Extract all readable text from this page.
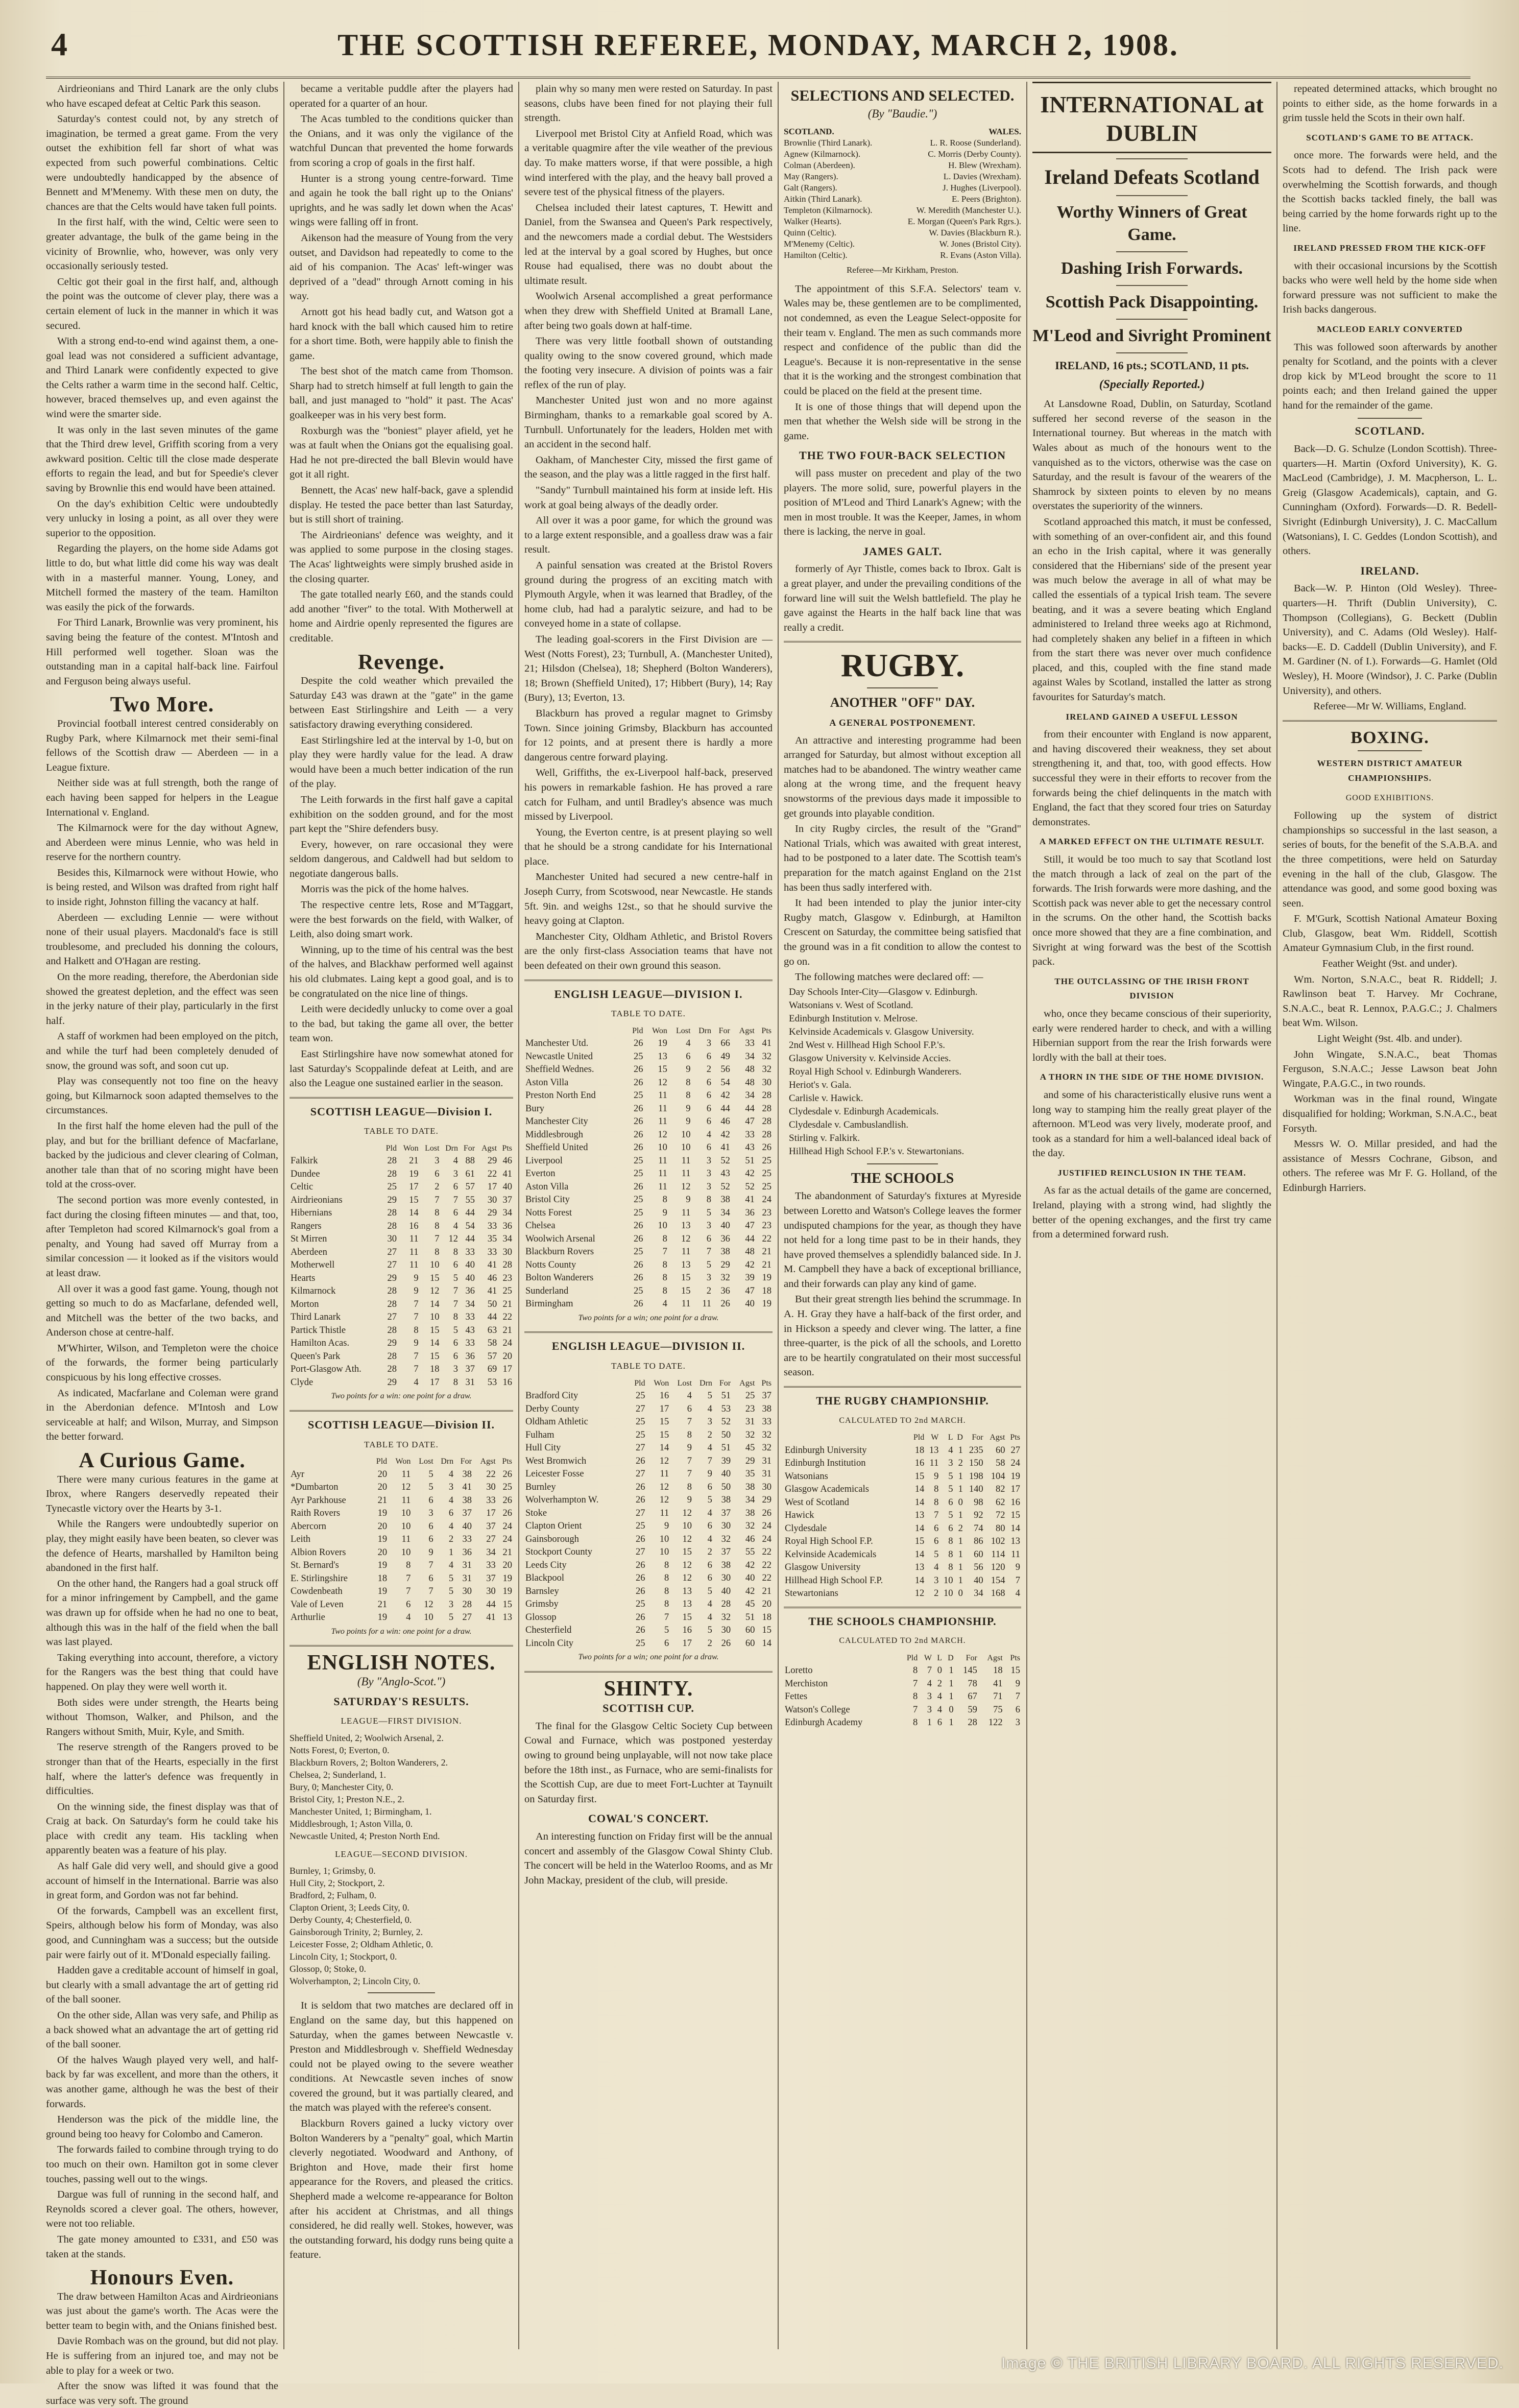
4	THE SCOTTISH REFEREE, MONDAY, MARCH 2, 1908.

Airdrieonians and Third Lanark are the only clubs who have escaped defeat at Celtic Park this season.

Saturday's contest could not, by any stretch of imagination, be termed a great game. From the very outset the exhibition fell far short of what was expected from such powerful combinations. Celtic were undoubtedly handicapped by the absence of Bennett and M'Menemy. With these men on duty, the chances are that the Celts would have taken full points.

In the first half, with the wind, Celtic were seen to greater advantage, the bulk of the game being in the vicinity of Brownlie, who, however, was only very occasionally seriously tested.

Celtic got their goal in the first half, and, although the point was the outcome of clever play, there was a certain element of luck in the manner in which it was secured.

With a strong end-to-end wind against them, a one-goal lead was not considered a sufficient advantage, and Third Lanark were confidently expected to give the Celts rather a warm time in the second half. Celtic, however, braced themselves up, and even against the wind were the smarter side.

It was only in the last seven minutes of the game that the Third drew level, Griffith scoring from a very awkward position. Celtic till the close made desperate efforts to regain the lead, and but for Speedie's clever saving by Brownlie this end would have been attained.

On the day's exhibition Celtic were undoubtedly very unlucky in losing a point, as all over they were superior to the opposition.

Regarding the players, on the home side Adams got little to do, but what little did come his way was dealt with in a masterful manner. Young, Loney, and Mitchell formed the mastery of the team. Hamilton was easily the pick of the forwards.

For Third Lanark, Brownlie was very prominent, his saving being the feature of the contest. M'Intosh and Hill performed well together. Sloan was the outstanding man in a capital half-back line. Fairfoul and Ferguson being always useful.

Two More.

Provincial football interest centred considerably on Rugby Park, where Kilmarnock met their semi-final fellows of the Scottish draw — Aberdeen — in a League fixture.

Neither side was at full strength, both the range of each having been sapped for helpers in the League International v. England.

The Kilmarnock were for the day without Agnew, and Aberdeen were minus Lennie, who was held in reserve for the northern country.

Besides this, Kilmarnock were without Howie, who is being rested, and Wilson was drafted from right half to inside right, Johnston filling the vacancy at half.

Aberdeen — excluding Lennie — were without none of their usual players. Macdonald's face is still troublesome, and precluded his donning the colours, and Halkett and O'Hagan are resting.

On the more reading, therefore, the Aberdonian side showed the greatest depletion, and the effect was seen in the jerky nature of their play, particularly in the first half.

A staff of workmen had been employed on the pitch, and while the turf had been completely denuded of snow, the ground was soft, and soon cut up.

Play was consequently not too fine on the heavy going, but Kilmarnock soon adapted themselves to the circumstances.

In the first half the home eleven had the pull of the play, and but for the brilliant defence of Macfarlane, backed by the judicious and clever clearing of Colman, another tale than that of no scoring might have been told at the cross-over.

The second portion was more evenly contested, in fact during the closing fifteen minutes — and that, too, after Templeton had scored Kilmarnock's goal from a penalty, and Young had saved off Murray from a similar concession — it looked as if the visitors would at least draw.

All over it was a good fast game. Young, though not getting so much to do as Macfarlane, defended well, and Mitchell was the better of the two backs, and Anderson chose at centre-half.

M'Whirter, Wilson, and Templeton were the choice of the forwards, the former being particularly conspicuous by his long effective crosses.

As indicated, Macfarlane and Coleman were grand in the Aberdonian defence. M'Intosh and Low serviceable at half; and Wilson, Murray, and Simpson the better forward.

A Curious Game.

There were many curious features in the game at Ibrox, where Rangers deservedly repeated their Tynecastle victory over the Hearts by 3-1.

While the Rangers were undoubtedly superior on play, they might easily have been beaten, so clever was the defence of Hearts, marshalled by Hamilton being abandoned in the first half.

On the other hand, the Rangers had a goal struck off for a minor infringement by Campbell, and the game was drawn up for offside when he had no one to beat, although this was in the half of the field when the ball was last played.

Taking everything into account, therefore, a victory for the Rangers was the best thing that could have happened. On play they were well worth it.

Both sides were under strength, the Hearts being without Thomson, Walker, and Philson, and the Rangers without Smith, Muir, Kyle, and Smith.

The reserve strength of the Rangers proved to be stronger than that of the Hearts, especially in the first half, where the latter's defence was frequently in difficulties.

On the winning side, the finest display was that of Craig at back. On Saturday's form he could take his place with credit any team. His tackling when apparently beaten was a feature of his play.

As half Gale did very well, and should give a good account of himself in the International. Barrie was also in great form, and Gordon was not far behind.

Of the forwards, Campbell was an excellent first, Speirs, although below his form of Monday, was also good, and Cunningham was a success; but the outside pair were fairly out of it. M'Donald especially failing.

Hadden gave a creditable account of himself in goal, but clearly with a small advantage the art of getting rid of the ball sooner.

On the other side, Allan was very safe, and Philip as a back showed what an advantage the art of getting rid of the ball sooner.

Of the halves Waugh played very well, and half-back by far was excellent, and more than the others, it was another game, although he was the best of their forwards.

Henderson was the pick of the middle line, the ground being too heavy for Colombo and Cameron.

The forwards failed to combine through trying to do too much on their own. Hamilton got in some clever touches, passing well out to the wings.

Dargue was full of running in the second half, and Reynolds scored a clever goal. The others, however, were not too reliable.

The gate money amounted to £331, and £50 was taken at the stands.

Honours Even.

The draw between Hamilton Acas and Airdrieonians was just about the game's worth. The Acas were the better team to begin with, and the Onians finished best.

Davie Rombach was on the ground, but did not play. He is suffering from an injured toe, and may not be able to play for a week or two.

After the snow was lifted it was found that the surface was very soft. The ground

became a veritable puddle after the players had operated for a quarter of an hour.

The Acas tumbled to the conditions quicker than the Onians, and it was only the vigilance of the watchful Duncan that prevented the home forwards from scoring a crop of goals in the first half.

Hunter is a strong young centre-forward. Time and again he took the ball right up to the Onians' uprights, and he was sadly let down when the Acas' wings were falling off in front.

Aikenson had the measure of Young from the very outset, and Davidson had repeatedly to come to the aid of his companion. The Acas' left-winger was deprived of a "dead" through Arnott coming in his way.

Arnott got his head badly cut, and Watson got a hard knock with the ball which caused him to retire for a short time. Both, were happily able to finish the game.

The best shot of the match came from Thomson. Sharp had to stretch himself at full length to gain the ball, and just managed to "hold" it past. The Acas' goalkeeper was in his very best form.

Roxburgh was the "boniest" player afield, yet he was at fault when the Onians got the equalising goal. Had he not pre-directed the ball Blevin would have got it all right.

Bennett, the Acas' new half-back, gave a splendid display. He tested the pace better than last Saturday, but is still short of training.

The Airdrieonians' defence was weighty, and it was applied to some purpose in the closing stages. The Acas' lightweights were simply brushed aside in the closing quarter.

The gate totalled nearly £60, and the stands could add another "fiver" to the total. With Motherwell at home and Airdrie openly represented the figures are creditable.

Revenge.

Despite the cold weather which prevailed the Saturday £43 was drawn at the "gate" in the game between East Stirlingshire and Leith — a very satisfactory drawing everything considered.

East Stirlingshire led at the interval by 1-0, but on play they were hardly value for the lead. A draw would have been a much better indication of the run of the play.

The Leith forwards in the first half gave a capital exhibition on the sodden ground, and for the most part kept the "Shire defenders busy.

Every, however, on rare occasional they were seldom dangerous, and Caldwell had but seldom to negotiate dangerous balls.

Morris was the pick of the home halves.

The respective centre lets, Rose and M'Taggart, were the best forwards on the field, with Walker, of Leith, also doing smart work.

Winning, up to the time of his central was the best of the halves, and Blackhaw performed well against his old clubmates. Laing kept a good goal, and is to be congratulated on the nice line of things.

Leith were decidedly unlucky to come over a goal to the bad, but taking the game all over, the better team won.

East Stirlingshire have now somewhat atoned for last Saturday's Scoppalinde defeat at Leith, and are also the League one sustained earlier in the season.

SCOTTISH LEAGUE—Division I.
TABLE TO DATE.
	Pld	Won	Lost	Drn	For	Agst	Pts
Falkirk	28	21	3	4	88	29	46
Dundee	28	19	6	3	61	22	41
Celtic	25	17	2	6	57	17	40
Airdrieonians	29	15	7	7	55	30	37
Hibernians	28	14	8	6	44	29	34
Rangers	28	16	8	4	54	33	36
St Mirren	30	11	7	12	44	35	34
Aberdeen	27	11	8	8	33	33	30
Motherwell	27	11	10	6	40	41	28
Hearts	29	9	15	5	40	46	23
Kilmarnock	28	9	12	7	36	41	25
Morton	28	7	14	7	34	50	21
Third Lanark	27	7	10	8	33	44	22
Partick Thistle	28	8	15	5	43	63	21
Hamilton Acas.	29	9	14	6	33	58	24
Queen's Park	28	7	15	6	36	57	20
Port-Glasgow Ath.	28	7	18	3	37	69	17
Clyde	29	4	17	8	31	53	16
Two points for a win: one point for a draw.
SCOTTISH LEAGUE—Division II.
TABLE TO DATE.
	Pld	Won	Lost	Drn	For	Agst	Pts
Ayr	20	11	5	4	38	22	26
*Dumbarton	20	12	5	3	41	30	25
Ayr Parkhouse	21	11	6	4	38	33	26
Raith Rovers	19	10	3	6	37	17	26
Abercorn	20	10	6	4	40	37	24
Leith	19	11	6	2	33	27	24
Albion Rovers	20	10	9	1	36	34	21
St. Bernard's	19	8	7	4	31	33	20
E. Stirlingshire	18	7	6	5	31	37	19
Cowdenbeath	19	7	7	5	30	30	19
Vale of Leven	21	6	12	3	28	44	15
Arthurlie	19	4	10	5	27	41	13
Two points for a win: one point for a draw.
ENGLISH NOTES.
(By "Anglo-Scot.")
SATURDAY'S RESULTS.
LEAGUE—FIRST DIVISION.
Sheffield United, 2; Woolwich Arsenal, 2.
Notts Forest, 0; Everton, 0.
Blackburn Rovers, 2; Bolton Wanderers, 2.
Chelsea, 2; Sunderland, 1.
Bury, 0; Manchester City, 0.
Bristol City, 1; Preston N.E., 2.
Manchester United, 1; Birmingham, 1.
Middlesbrough, 1; Aston Villa, 0.
Newcastle United, 4; Preston North End.
LEAGUE—SECOND DIVISION.
Burnley, 1; Grimsby, 0.
Hull City, 2; Stockport, 2.
Bradford, 2; Fulham, 0.
Clapton Orient, 3; Leeds City, 0.
Derby County, 4; Chesterfield, 0.
Gainsborough Trinity, 2; Burnley, 2.
Leicester Fosse, 2; Oldham Athletic, 0.
Lincoln City, 1; Stockport, 0.
Glossop, 0; Stoke, 0.
Wolverhampton, 2; Lincoln City, 0.

It is seldom that two matches are declared off in England on the same day, but this happened on Saturday, when the games between Newcastle v. Preston and Middlesbrough v. Sheffield Wednesday could not be played owing to the severe weather conditions. At Newcastle seven inches of snow covered the ground, but it was partially cleared, and the match was played with the referee's consent.

Blackburn Rovers gained a lucky victory over Bolton Wanderers by a "penalty" goal, which Martin cleverly negotiated. Woodward and Anthony, of Brighton and Hove, made their first home appearance for the Rovers, and pleased the critics. Shepherd made a welcome re-appearance for Bolton after his accident at Christmas, and all things considered, he did really well. Stokes, however, was the outstanding forward, his dodgy runs being quite a feature.

plain why so many men were rested on Saturday. In past seasons, clubs have been fined for not playing their full strength.

Liverpool met Bristol City at Anfield Road, which was a veritable quagmire after the vile weather of the previous day. To make matters worse, if that were possible, a high wind interfered with the play, and the heavy ball proved a severe test of the physical fitness of the players.

Chelsea included their latest captures, T. Hewitt and Daniel, from the Swansea and Queen's Park respectively, and the newcomers made a cordial debut. The Westsiders led at the interval by a goal scored by Hughes, but once Rouse had equalised, there was no doubt about the ultimate result.

Woolwich Arsenal accomplished a great performance when they drew with Sheffield United at Bramall Lane, after being two goals down at half-time.

There was very little football shown of outstanding quality owing to the snow covered ground, which made the footing very insecure. A division of points was a fair reflex of the run of play.

Manchester United just won and no more against Birmingham, thanks to a remarkable goal scored by A. Turnbull. Unfortunately for the leaders, Holden met with an accident in the second half.

Oakham, of Manchester City, missed the first game of the season, and the play was a little ragged in the first half.

"Sandy" Turnbull maintained his form at inside left. His work at goal being always of the deadly order.

All over it was a poor game, for which the ground was to a large extent responsible, and a goalless draw was a fair result.

A painful sensation was created at the Bristol Rovers ground during the progress of an exciting match with Plymouth Argyle, when it was learned that Bradley, of the home club, had had a paralytic seizure, and had to be conveyed home in a state of collapse.

The leading goal-scorers in the First Division are — West (Notts Forest), 23; Turnbull, A. (Manchester United), 21; Hilsdon (Chelsea), 18; Shepherd (Bolton Wanderers), 18; Brown (Sheffield United), 17; Hibbert (Bury), 14; Ray (Bury), 13; Everton, 13.

Blackburn has proved a regular magnet to Grimsby Town. Since joining Grimsby, Blackburn has accounted for 12 points, and at present there is hardly a more dangerous centre forward playing.

Well, Griffiths, the ex-Liverpool half-back, preserved his powers in remarkable fashion. He has proved a rare catch for Fulham, and until Bradley's absence was much missed by Liverpool.

Young, the Everton centre, is at present playing so well that he should be a strong candidate for his International place.

Manchester United had secured a new centre-half in Joseph Curry, from Scotswood, near Newcastle. He stands 5ft. 9in. and weighs 12st., so that he should survive the heavy going at Clapton.

Manchester City, Oldham Athletic, and Bristol Rovers are the only first-class Association teams that have not been defeated on their own ground this season.

ENGLISH LEAGUE—DIVISION I.
TABLE TO DATE.
	Pld	Won	Lost	Drn	For	Agst	Pts
Manchester Utd.	26	19	4	3	66	33	41
Newcastle United	25	13	6	6	49	34	32
Sheffield Wednes.	26	15	9	2	56	48	32
Aston Villa	26	12	8	6	54	48	30
Preston North End	25	11	8	6	42	34	28
Bury	26	11	9	6	44	44	28
Manchester City	26	11	9	6	46	47	28
Middlesbrough	26	12	10	4	42	33	28
Sheffield United	26	10	10	6	41	43	26
Liverpool	25	11	11	3	52	51	25
Everton	25	11	11	3	43	42	25
Aston Villa	26	11	12	3	52	52	25
Bristol City	25	8	9	8	38	41	24
Notts Forest	25	9	11	5	34	36	23
Chelsea	26	10	13	3	40	47	23
Woolwich Arsenal	26	8	12	6	36	44	22
Blackburn Rovers	25	7	11	7	38	48	21
Notts County	26	8	13	5	29	42	21
Bolton Wanderers	26	8	15	3	32	39	19
Sunderland	25	8	15	2	36	47	18
Birmingham	26	4	11	11	26	40	19
Two points for a win; one point for a draw.
ENGLISH LEAGUE—DIVISION II.
TABLE TO DATE.
	Pld	Won	Lost	Drn	For	Agst	Pts
Bradford City	25	16	4	5	51	25	37
Derby County	27	17	6	4	53	23	38
Oldham Athletic	25	15	7	3	52	31	33
Fulham	25	15	8	2	50	32	32
Hull City	27	14	9	4	51	45	32
West Bromwich	26	12	7	7	39	29	31
Leicester Fosse	27	11	7	9	40	35	31
Burnley	26	12	8	6	50	38	30
Wolverhampton W.	26	12	9	5	38	34	29
Stoke	27	11	12	4	37	38	26
Clapton Orient	25	9	10	6	30	32	24
Gainsborough	26	10	12	4	32	46	24
Stockport County	27	10	15	2	37	55	22
Leeds City	26	8	12	6	38	42	22
Blackpool	26	8	12	6	30	40	22
Barnsley	26	8	13	5	40	42	21
Grimsby	25	8	13	4	28	45	20
Glossop	26	7	15	4	32	51	18
Chesterfield	26	5	16	5	30	60	15
Lincoln City	25	6	17	2	26	60	14
Two points for a win; one point for a draw.
SHINTY.
SCOTTISH CUP.

The final for the Glasgow Celtic Society Cup between Cowal and Furnace, which was postponed yesterday owing to ground being unplayable, will not now take place before the 18th inst., as Furnace, who are semi-finalists for the Scottish Cup, are due to meet Fort-Luchter at Taynuilt on Saturday first.

COWAL'S CONCERT.

An interesting function on Friday first will be the annual concert and assembly of the Glasgow Cowal Shinty Club. The concert will be held in the Waterloo Rooms, and as Mr John Mackay, president of the club, will preside.

SELECTIONS AND SELECTED.
(By "Baudie.")
SCOTLAND.	WALES.
Brownlie (Third Lanark).	L. R. Roose (Sunderland).
Agnew (Kilmarnock).	C. Morris (Derby County).
Colman (Aberdeen).	H. Blew (Wrexham).
May (Rangers).	L. Davies (Wrexham).
Galt (Rangers).	J. Hughes (Liverpool).
Aitkin (Third Lanark).	E. Peers (Brighton).
Templeton (Kilmarnock).	W. Meredith (Manchester U.).
Walker (Hearts).	E. Morgan (Queen's Park Rgrs.).
Quinn (Celtic).	W. Davies (Blackburn R.).
M'Menemy (Celtic).	W. Jones (Bristol City).
Hamilton (Celtic).	R. Evans (Aston Villa).
Referee—Mr Kirkham, Preston.

The appointment of this S.F.A. Selectors' team v. Wales may be, these gentlemen are to be complimented, not condemned, as even the League Select-opposite for their team v. England. The men as such commands more respect and confidence of the public than did the League's. Because it is non-representative in the sense that it is the working and the strongest combination that could be placed on the field at the present time.

It is one of those things that will depend upon the men that whether the Welsh side will be strong in the game.

THE TWO FOUR-BACK SELECTION

will pass muster on precedent and play of the two players. The more solid, sure, powerful players in the position of M'Leod and Third Lanark's Agnew; with the men in most trouble. It was the Keeper, James, in whom there is lacking, the nerve in goal.

JAMES GALT.

formerly of Ayr Thistle, comes back to Ibrox. Galt is a great player, and under the prevailing conditions of the forward line will suit the Welsh battlefield. The play he gave against the Hearts in the half back line that was really a credit.

RUGBY.
ANOTHER "OFF" DAY.
A GENERAL POSTPONEMENT.

An attractive and interesting programme had been arranged for Saturday, but almost without exception all matches had to be abandoned. The wintry weather came along at the wrong time, and the frequent heavy snowstorms of the previous days made it impossible to get grounds into playable condition.

In city Rugby circles, the result of the "Grand" National Trials, which was awaited with great interest, had to be postponed to a later date. The Scottish team's preparation for the match against England on the 21st has been thus sadly interfered with.

It had been intended to play the junior inter-city Rugby match, Glasgow v. Edinburgh, at Hamilton Crescent on Saturday, the committee being satisfied that the ground was in a fit condition to allow the contest to go on.

The following matches were declared off: —

Day Schools Inter-City—Glasgow v. Edinburgh.
Watsonians v. West of Scotland.
Edinburgh Institution v. Melrose.
Kelvinside Academicals v. Glasgow University.
2nd West v. Hillhead High School F.P.'s.
Glasgow University v. Kelvinside Accies.
Royal High School v. Edinburgh Wanderers.
Heriot's v. Gala.
Carlisle v. Hawick.
Clydesdale v. Edinburgh Academicals.
Clydesdale v. Cambuslandlish.
Stirling v. Falkirk.
Hillhead High School F.P.'s v. Stewartonians.
THE SCHOOLS

The abandonment of Saturday's fixtures at Myreside between Loretto and Watson's College leaves the former undisputed champions for the year, as though they have not held for a long time past to be in their hands, they have proved themselves a splendidly balanced side. In J. M. Campbell they have a back of exceptional brilliance, and their forwards can play any kind of game.

But their great strength lies behind the scrummage. In A. H. Gray they have a half-back of the first order, and in Hickson a speedy and clever wing. The latter, a fine three-quarter, is the pick of all the schools, and Loretto are to be heartily congratulated on their most successful season.

THE RUGBY CHAMPIONSHIP.
CALCULATED TO 2nd MARCH.
	Pld	W	L	D	For	Agst	Pts
Edinburgh University	18	13	4	1	235	60	27
Edinburgh Institution	16	11	3	2	150	58	24
Watsonians	15	9	5	1	198	104	19
Glasgow Academicals	14	8	5	1	140	82	17
West of Scotland	14	8	6	0	98	62	16
Hawick	13	7	5	1	92	72	15
Clydesdale	14	6	6	2	74	80	14
Royal High School F.P.	15	6	8	1	86	102	13
Kelvinside Academicals	14	5	8	1	60	114	11
Glasgow University	13	4	8	1	56	120	9
Hillhead High School F.P.	14	3	10	1	40	154	7
Stewartonians	12	2	10	0	34	168	4
THE SCHOOLS CHAMPIONSHIP.
CALCULATED TO 2nd MARCH.
	Pld	W	L	D	For	Agst	Pts
Loretto	8	7	0	1	145	18	15
Merchiston	7	4	2	1	78	41	9
Fettes	8	3	4	1	67	71	7
Watson's College	7	3	4	0	59	75	6
Edinburgh Academy	8	1	6	1	28	122	3
INTERNATIONAL at DUBLIN
Ireland Defeats Scotland
Worthy Winners of Great Game.
Dashing Irish Forwards.
Scottish Pack Disappointing.
M'Leod and Sivright Prominent
IRELAND, 16 pts.; SCOTLAND, 11 pts.
(Specially Reported.)

At Lansdowne Road, Dublin, on Saturday, Scotland suffered her second reverse of the season in the International tourney. But whereas in the match with Wales about as much of the honours went to the vanquished as to the victors, otherwise was the case on Saturday, and the result is favour of the wearers of the Shamrock by sixteen points to eleven by no means overstates the superiority of the winners.

Scotland approached this match, it must be confessed, with something of an over-confident air, and this found an echo in the Irish capital, where it was generally considered that the Hibernians' side of the present year was much below the average in all of what may be called the essentials of a typical Irish team. The severe beating, and it was a severe beating which England administered to Ireland three weeks ago at Richmond, had completely shaken any belief in a fifteen in which from the start there was never over much confidence placed, and this, coupled with the fine stand made against Wales by Scotland, installed the latter as strong favourites for Saturday's match.

IRELAND GAINED A USEFUL LESSON

from their encounter with England is now apparent, and having discovered their weakness, they set about strengthening it, and that, too, with good effects. How successful they were in their efforts to recover from the forwards being the chief delinquents in the match with England, the fact that they scored four tries on Saturday demonstrates.

A MARKED EFFECT ON THE ULTIMATE RESULT.

Still, it would be too much to say that Scotland lost the match through a lack of zeal on the part of the forwards. The Irish forwards were more dashing, and the Scottish pack was never able to get the necessary control in the scrums. On the other hand, the Scottish backs once more showed that they are a fine combination, and Sivright at wing forward was the best of the Scottish pack.

THE OUTCLASSING OF THE IRISH FRONT DIVISION

who, once they became conscious of their superiority, early were rendered harder to check, and with a willing Hibernian support from the rear the Irish forwards were lordly with the ball at their toes.

A THORN IN THE SIDE OF THE HOME DIVISION.

and some of his characteristically elusive runs went a long way to stamping him the really great player of the afternoon. M'Leod was very lively, moderate proof, and took as a standard for him a well-balanced ideal back of the day.

JUSTIFIED REINCLUSION IN THE TEAM.

As far as the actual details of the game are concerned, Ireland, playing with a strong wind, had slightly the better of the opening exchanges, and the first try came from a determined forward rush.

repeated determined attacks, which brought no points to either side, as the home forwards in a grim tussle held the Scots in their own half.

SCOTLAND'S GAME TO BE ATTACK.

once more. The forwards were held, and the Scots had to defend. The Irish pack were overwhelming the Scottish forwards, and though the Scottish backs tackled finely, the ball was being carried by the home forwards right up to the line.

IRELAND PRESSED FROM THE KICK-OFF

with their occasional incursions by the Scottish backs who were well held by the home side when forward pressure was not sufficient to make the Irish backs dangerous.

MACLEOD EARLY CONVERTED

This was followed soon afterwards by another penalty for Scotland, and the points with a clever drop kick by M'Leod brought the score to 11 points each; and then Ireland gained the upper hand for the remainder of the game.

SCOTLAND.

Back—D. G. Schulze (London Scottish). Three-quarters—H. Martin (Oxford University), K. G. MacLeod (Cambridge), J. M. Macpherson, L. L. Greig (Glasgow Academicals), captain, and G. Cunningham (Oxford). Forwards—D. R. Bedell-Sivright (Edinburgh University), J. C. MacCallum (Watsonians), I. C. Geddes (London Scottish), and others.

IRELAND.

Back—W. P. Hinton (Old Wesley). Three-quarters—H. Thrift (Dublin University), C. Thompson (Collegians), G. Beckett (Dublin University), and C. Adams (Old Wesley). Half-backs—E. D. Caddell (Dublin University), and F. M. Gardiner (N. of I.). Forwards—G. Hamlet (Old Wesley), H. Moore (Windsor), J. C. Parke (Dublin University), and others.

Referee—Mr W. Williams, England.

BOXING.
WESTERN DISTRICT AMATEUR CHAMPIONSHIPS.
GOOD EXHIBITIONS.

Following up the system of district championships so successful in the last season, a series of bouts, for the benefit of the S.A.B.A. and the three competitions, were held on Saturday evening in the hall of the club, Glasgow. The attendance was good, and some good boxing was seen.

F. M'Gurk, Scottish National Amateur Boxing Club, Glasgow, beat Wm. Riddell, Scottish Amateur Gymnasium Club, in the first round.

Feather Weight (9st. and under).

Wm. Norton, S.N.A.C., beat R. Riddell; J. Rawlinson beat T. Harvey. Mr Cochrane, S.N.A.C., beat R. Lennox, P.A.G.C.; J. Chalmers beat Wm. Wilson.

Light Weight (9st. 4lb. and under).

John Wingate, S.N.A.C., beat Thomas Ferguson, S.N.A.C.; Jesse Lawson beat John Wingate, P.A.G.C., in two rounds.

Workman was in the final round, Wingate disqualified for holding; Workman, S.N.A.C., beat Forsyth.

Messrs W. O. Millar presided, and had the assistance of Messrs Cochrane, Gibson, and others. The referee was Mr F. G. Holland, of the Edinburgh Harriers.

Image © THE BRITISH LIBRARY BOARD. ALL RIGHTS RESERVED.
